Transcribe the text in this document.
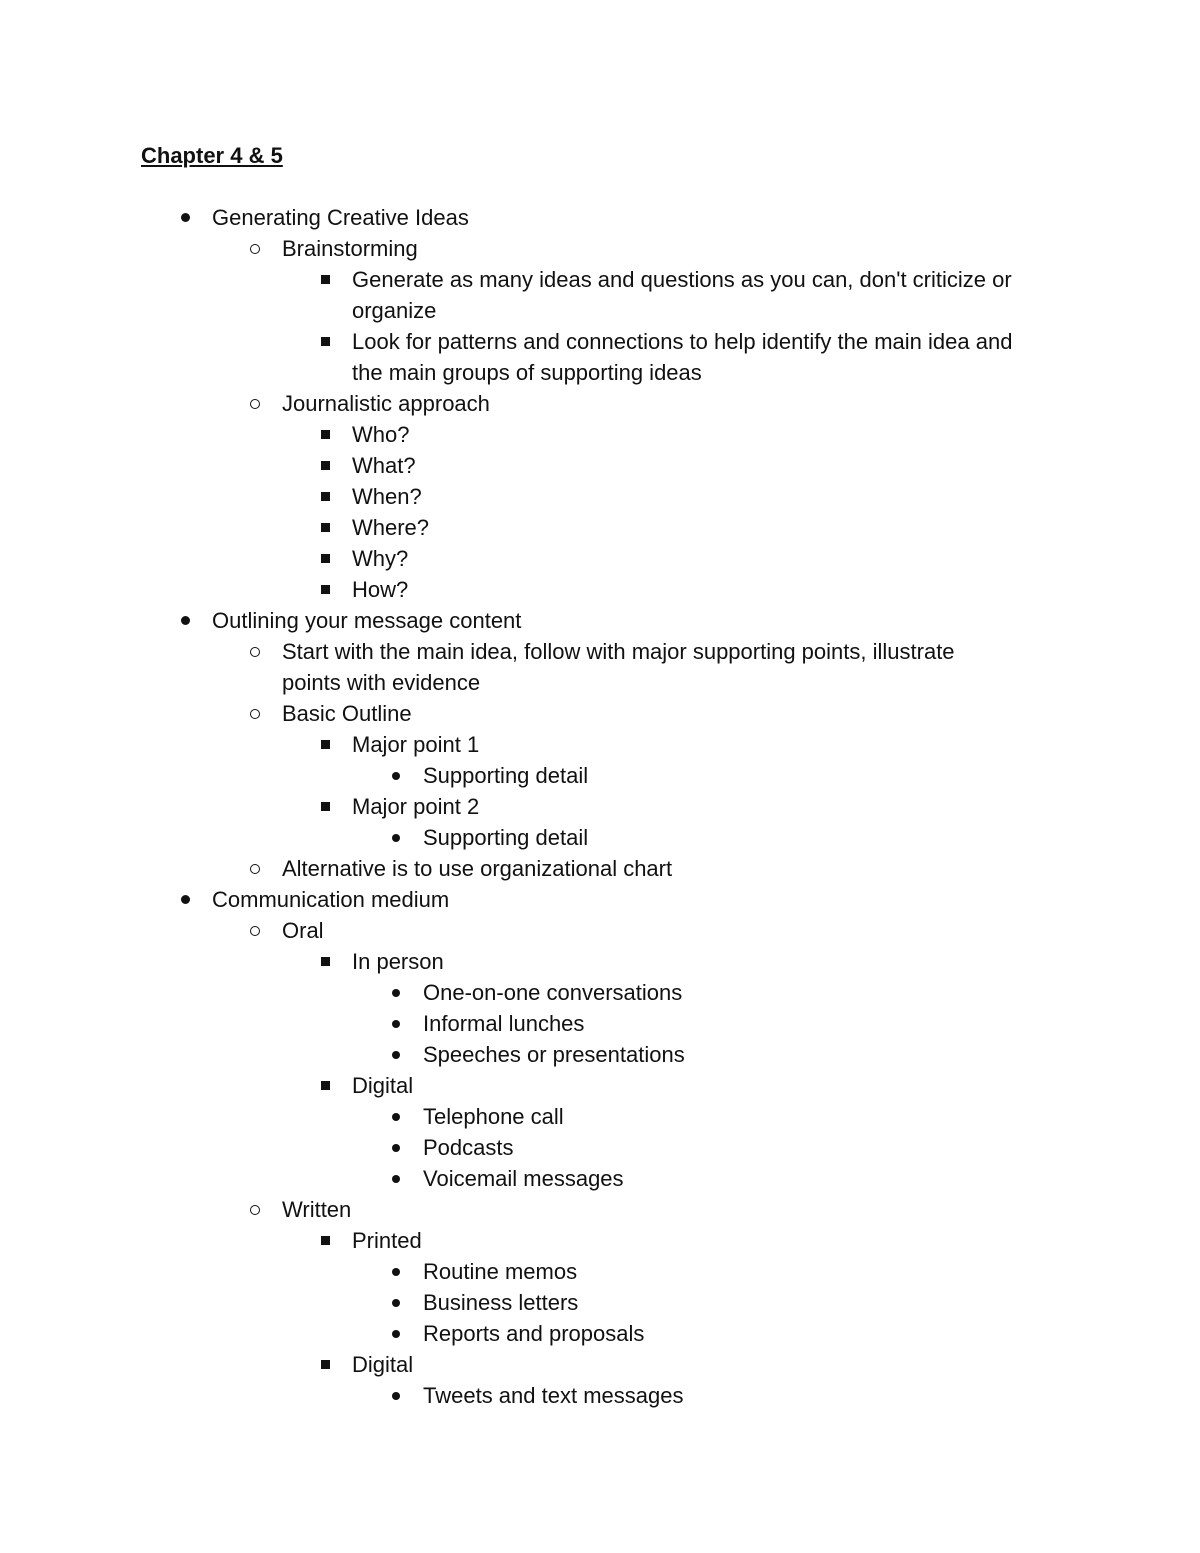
Chapter 4 & 5
Generating Creative Ideas
Brainstorming
Generate as many ideas and questions as you can, don't criticize or organize
Look for patterns and connections to help identify the main idea and the main groups of supporting ideas
Journalistic approach
Who?
What?
When?
Where?
Why?
How?
Outlining your message content
Start with the main idea, follow with major supporting points, illustrate points with evidence
Basic Outline
Major point 1
Supporting detail
Major point 2
Supporting detail
Alternative is to use organizational chart
Communication medium
Oral
In person
One-on-one conversations
Informal lunches
Speeches or presentations
Digital
Telephone call
Podcasts
Voicemail messages
Written
Printed
Routine memos
Business letters
Reports and proposals
Digital
Tweets and text messages
